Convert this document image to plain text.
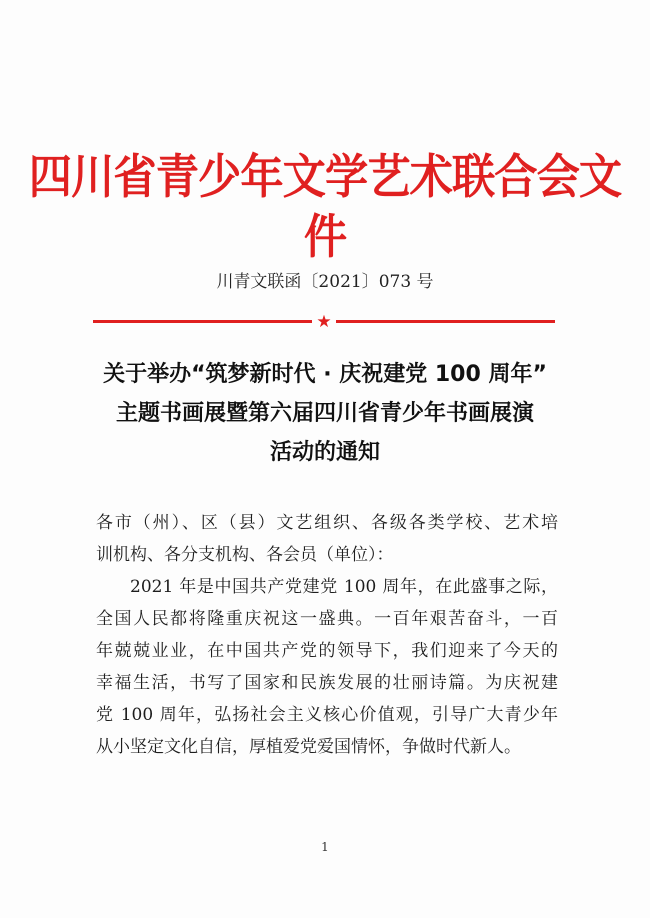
四川省青少年文学艺术联合会文件
川青文联函〔2021〕073 号
★
关于举办“筑梦新时代 · 庆祝建党 100 周年”
主题书画展暨第六届四川省青少年书画展演
活动的通知

各市（州）、区（县）文艺组织、各级各类学校、艺术培
训机构、各分支机构、各会员（单位）：

2021 年是中国共产党建党 100 周年，在此盛事之际，
全国人民都将隆重庆祝这一盛典。一百年艰苦奋斗，一百
年兢兢业业，在中国共产党的领导下，我们迎来了今天的
幸福生活，书写了国家和民族发展的壮丽诗篇。为庆祝建
党 100 周年，弘扬社会主义核心价值观，引导广大青少年
从小坚定文化自信，厚植爱党爱国情怀，争做时代新人。

1
